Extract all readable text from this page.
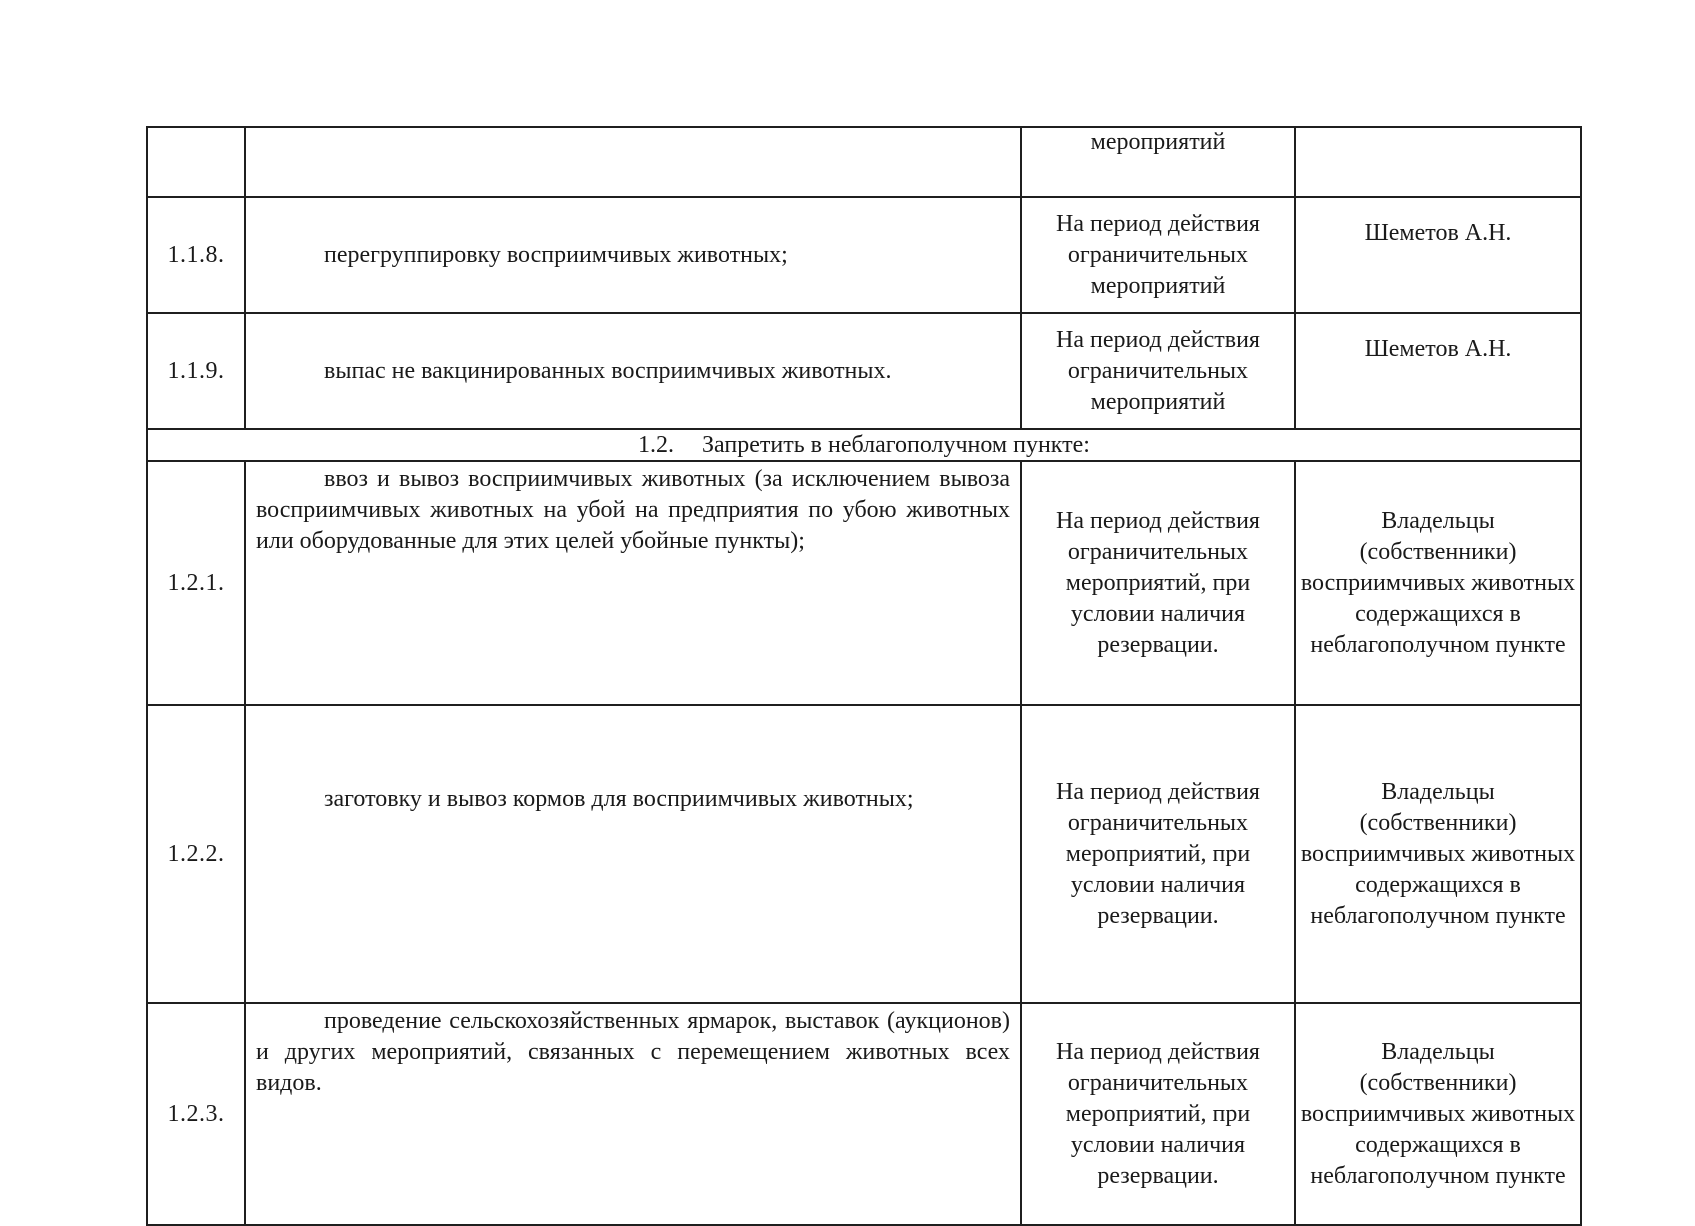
		мероприятий	
1.1.8.	перегруппировку восприимчивых животных;	На период действия ограничительных мероприятий	Шеметов А.Н.
1.1.9.	выпас не вакцинированных восприимчивых животных.	На период действия ограничительных мероприятий	Шеметов А.Н.
1.2. Запретить в неблагополучном пункте:			
1.2.1.	ввоз и вывоз восприимчивых животных (за исключением вывоза восприимчивых животных на убой на предприятия по убою животных или оборудованные для этих целей убойные пункты);	На период действия ограничительных мероприятий, при условии наличия резервации.	Владельцы (собственники) восприимчивых животных содержащихся в неблагополучном пункте
1.2.2.	заготовку и вывоз кормов для восприимчивых животных;	На период действия ограничительных мероприятий, при условии наличия резервации.	Владельцы (собственники) восприимчивых животных содержащихся в неблагополучном пункте
1.2.3.	проведение сельскохозяйственных ярмарок, выставок (аукционов) и других мероприятий, связанных с перемещением животных всех видов.	На период действия ограничительных мероприятий, при условии наличия резервации.	Владельцы (собственники) восприимчивых животных содержащихся в неблагополучном пункте
